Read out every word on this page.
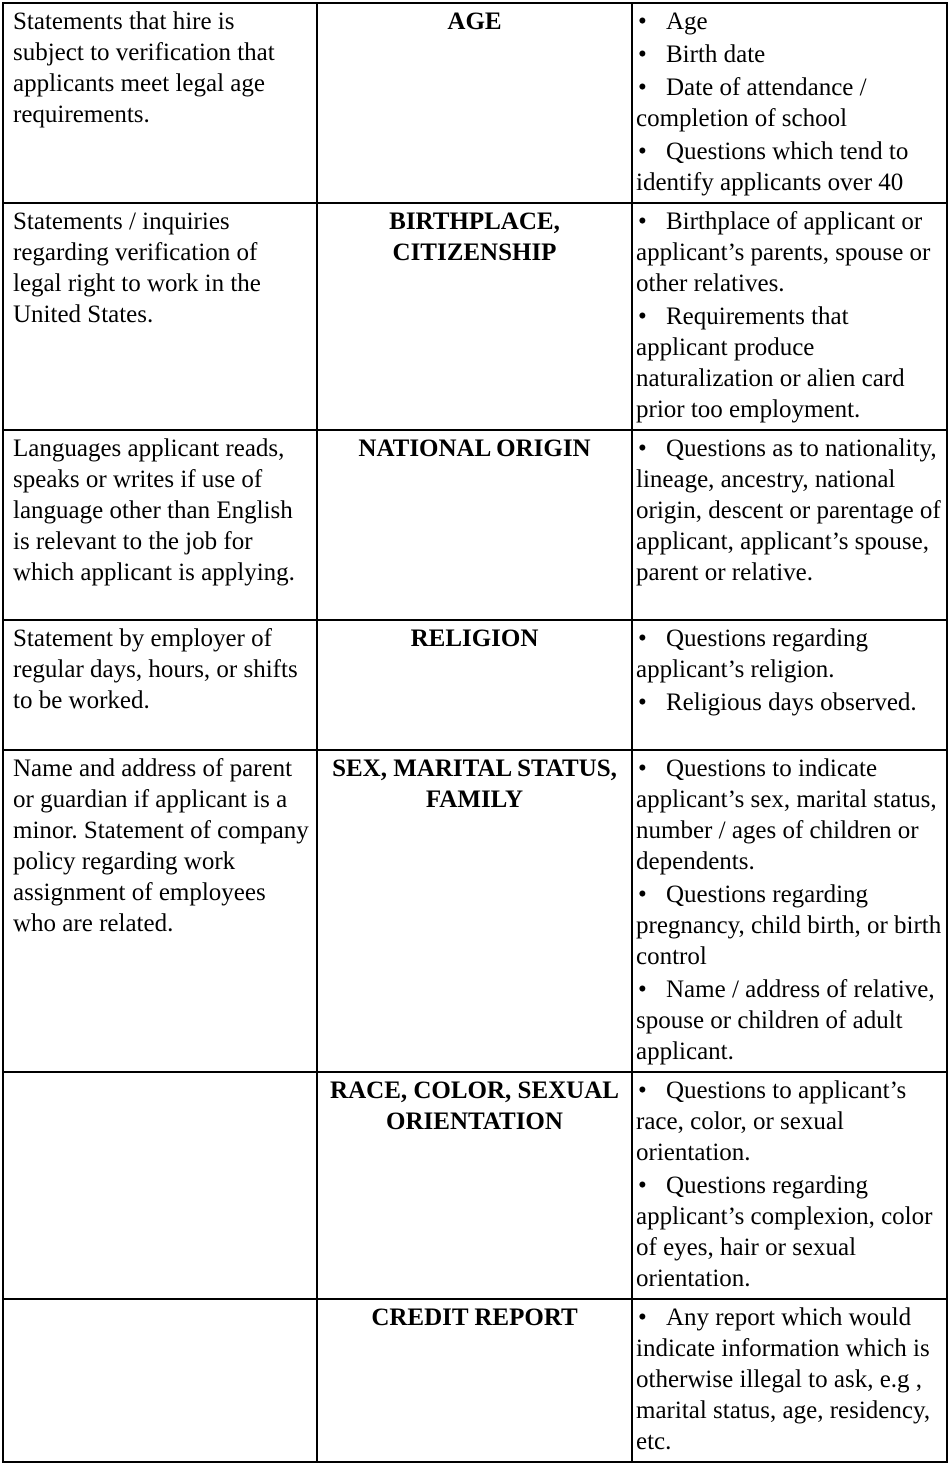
Statements that hire is subject to verification that applicants meet legal age requirements.	AGE	• Age
• Birth date
• Date of attendance / completion of school
• Questions which tend to identify applicants over 40

Statements / inquiries regarding verification of legal right to work in the United States.	BIRTHPLACE, CITIZENSHIP	• Birthplace of applicant or applicant’s parents, spouse or other relatives.
• Requirements that applicant produce naturalization or alien card prior too employment.

Languages applicant reads, speaks or writes if use of language other than English is relevant to the job for which applicant is applying.	NATIONAL ORIGIN	• Questions as to nationality, lineage, ancestry, national origin, descent or parentage of applicant, applicant’s spouse, parent or relative.

Statement by employer of regular days, hours, or shifts to be worked.	RELIGION	• Questions regarding applicant’s religion.
• Religious days observed.

Name and address of parent or guardian if applicant is a minor. Statement of company policy regarding work assignment of employees who are related.	SEX, MARITAL STATUS, FAMILY	• Questions to indicate applicant’s sex, marital status, number / ages of children or dependents.
• Questions regarding pregnancy, child birth, or birth control
• Name / address of relative, spouse or children of adult applicant.

	RACE, COLOR, SEXUAL ORIENTATION	• Questions to applicant’s race, color, or sexual orientation.
• Questions regarding applicant’s complexion, color of eyes, hair or sexual orientation.

	CREDIT REPORT	• Any report which would indicate information which is otherwise illegal to ask, e.g , marital status, age, residency, etc.
